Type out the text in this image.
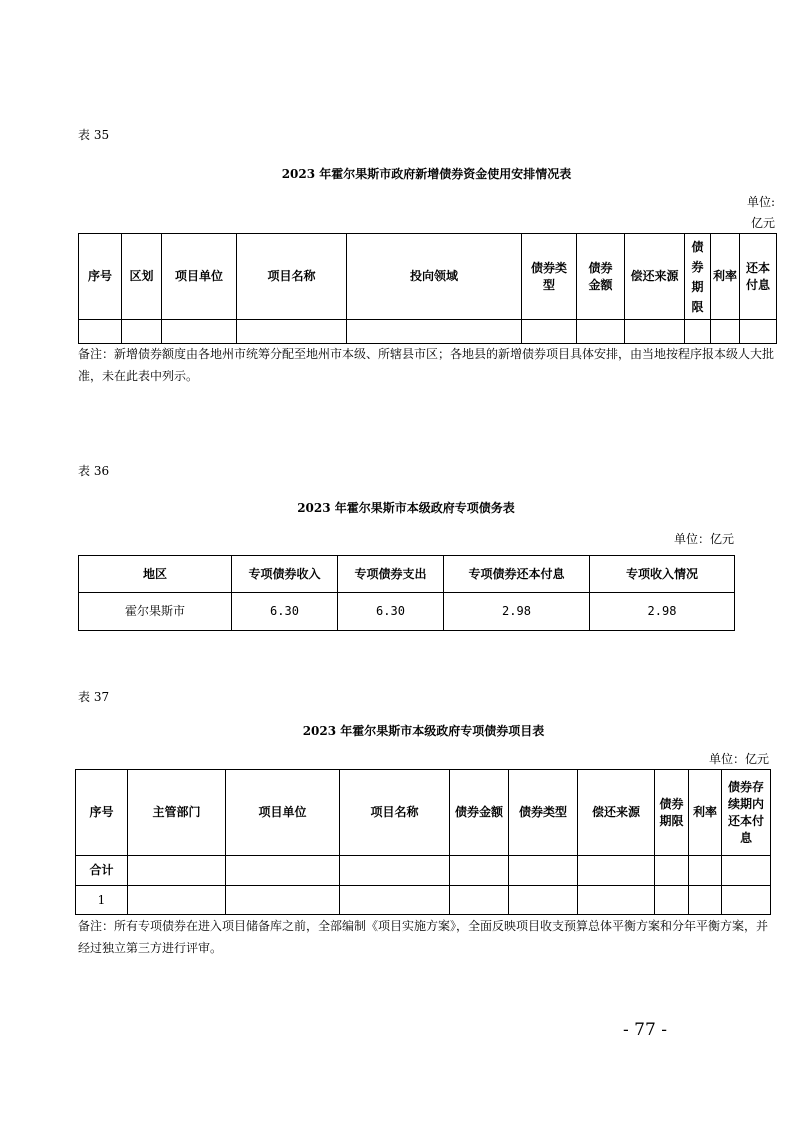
表 35
2023 年霍尔果斯市政府新增债券资金使用安排情况表
单位:
亿元
序号	区划	项目单位	项目名称	投向领域	债券类型	债券金额	偿还来源	债券期限	利率	还本付息

备注：新增债券额度由各地州市统筹分配至地州市本级、所辖县市区；各地县的新增债券项目具体安排，由当地按程序报本级人大批准，未在此表中列示。
表 36
2023 年霍尔果斯市本级政府专项债务表
单位：亿元
地区	专项债券收入	专项债券支出	专项债券还本付息	专项收入情况
霍尔果斯市	6.30	6.30	2.98	2.98
表 37
2023 年霍尔果斯市本级政府专项债券项目表
单位：亿元
序号	主管部门	项目单位	项目名称	债券金额	债券类型	偿还来源	债券期限	利率	债券存续期内还本付息
合计									
1									
备注：所有专项债券在进入项目储备库之前，全部编制《项目实施方案》，全面反映项目收支预算总体平衡方案和分年平衡方案，并经过独立第三方进行评审。
- 77 -
